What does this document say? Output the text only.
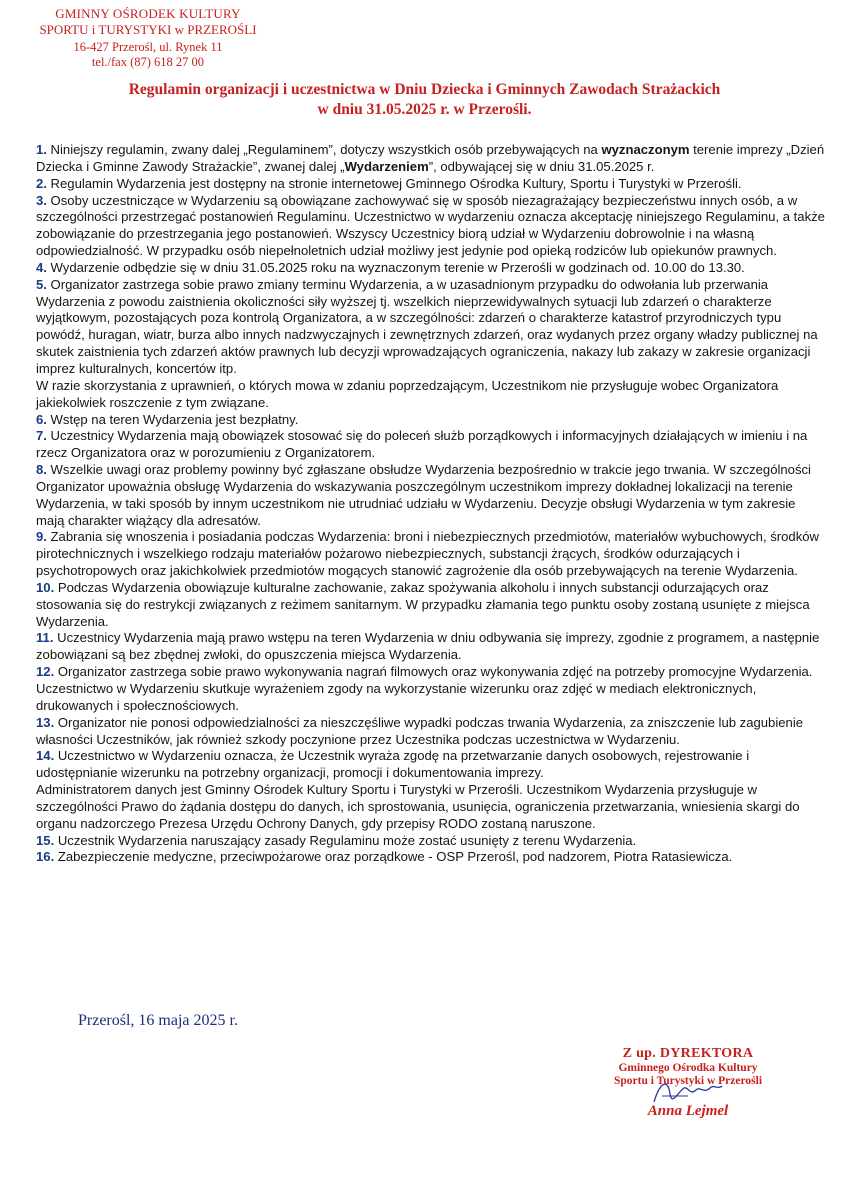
GMINNY OŚRODEK KULTURY
SPORTU i TURYSTYKI w PRZEROŚLI
16-427 Przerośl, ul. Rynek 11
tel./fax (87) 618 27 00
Regulamin organizacji i uczestnictwa w Dniu Dziecka i Gminnych Zawodach Strażackich
w dniu 31.05.2025 r. w Przerośli.

1. Niniejszy regulamin, zwany dalej „Regulaminem”, dotyczy wszystkich osób przebywających na wyznaczonym terenie imprezy „Dzień Dziecka i Gminne Zawody Strażackie”, zwanej dalej „Wydarzeniem”, odbywającej się w dniu 31.05.2025 r.

2. Regulamin Wydarzenia jest dostępny na stronie internetowej Gminnego Ośrodka Kultury, Sportu i Turystyki w Przerośli.

3. Osoby uczestniczące w Wydarzeniu są obowiązane zachowywać się w sposób niezagrażający bezpieczeństwu innych osób, a w szczególności przestrzegać postanowień Regulaminu. Uczestnictwo w wydarzeniu oznacza akceptację niniejszego Regulaminu, a także zobowiązanie do przestrzegania jego postanowień. Wszyscy Uczestnicy biorą udział w Wydarzeniu dobrowolnie i na własną odpowiedzialność. W przypadku osób niepełnoletnich udział możliwy jest jedynie pod opieką rodziców lub opiekunów prawnych.

4. Wydarzenie odbędzie się w dniu 31.05.2025 roku na wyznaczonym terenie w Przerośli w godzinach od. 10.00 do 13.30.

5. Organizator zastrzega sobie prawo zmiany terminu Wydarzenia, a w uzasadnionym przypadku do odwołania lub przerwania Wydarzenia z powodu zaistnienia okoliczności siły wyższej tj. wszelkich nieprzewidywalnych sytuacji lub zdarzeń o charakterze wyjątkowym, pozostających poza kontrolą Organizatora, a w szczególności: zdarzeń o charakterze katastrof przyrodniczych typu powódź, huragan, wiatr, burza albo innych nadzwyczajnych i zewnętrznych zdarzeń, oraz wydanych przez organy władzy publicznej na skutek zaistnienia tych zdarzeń aktów prawnych lub decyzji wprowadzających ograniczenia, nakazy lub zakazy w zakresie organizacji imprez kulturalnych, koncertów itp.

W razie skorzystania z uprawnień, o których mowa w zdaniu poprzedzającym, Uczestnikom nie przysługuje wobec Organizatora jakiekolwiek roszczenie z tym związane.

6. Wstęp na teren Wydarzenia jest bezpłatny.

7. Uczestnicy Wydarzenia mają obowiązek stosować się do poleceń służb porządkowych i informacyjnych działających w imieniu i na rzecz Organizatora oraz w porozumieniu z Organizatorem.

8. Wszelkie uwagi oraz problemy powinny być zgłaszane obsłudze Wydarzenia bezpośrednio w trakcie jego trwania. W szczególności Organizator upoważnia obsługę Wydarzenia do wskazywania poszczególnym uczestnikom imprezy dokładnej lokalizacji na terenie Wydarzenia, w taki sposób by innym uczestnikom nie utrudniać udziału w Wydarzeniu. Decyzje obsługi Wydarzenia w tym zakresie mają charakter wiążący dla adresatów.

9. Zabrania się wnoszenia i posiadania podczas Wydarzenia: broni i niebezpiecznych przedmiotów, materiałów wybuchowych, środków pirotechnicznych i wszelkiego rodzaju materiałów pożarowo niebezpiecznych, substancji żrących, środków odurzających i psychotropowych oraz jakichkolwiek przedmiotów mogących stanowić zagrożenie dla osób przebywających na terenie Wydarzenia.

10. Podczas Wydarzenia obowiązuje kulturalne zachowanie, zakaz spożywania alkoholu i innych substancji odurzających oraz stosowania się do restrykcji związanych z reżimem sanitarnym. W przypadku złamania tego punktu osoby zostaną usunięte z miejsca Wydarzenia.

11. Uczestnicy Wydarzenia mają prawo wstępu na teren Wydarzenia w dniu odbywania się imprezy, zgodnie z programem, a następnie zobowiązani są bez zbędnej zwłoki, do opuszczenia miejsca Wydarzenia.

12. Organizator zastrzega sobie prawo wykonywania nagrań filmowych oraz wykonywania zdjęć na potrzeby promocyjne Wydarzenia. Uczestnictwo w Wydarzeniu skutkuje wyrażeniem zgody na wykorzystanie wizerunku oraz zdjęć w mediach elektronicznych, drukowanych i społecznościowych.

13. Organizator nie ponosi odpowiedzialności za nieszczęśliwe wypadki podczas trwania Wydarzenia, za zniszczenie lub zagubienie własności Uczestników, jak również szkody poczynione przez Uczestnika podczas uczestnictwa w Wydarzeniu.

14. Uczestnictwo w Wydarzeniu oznacza, że Uczestnik wyraża zgodę na przetwarzanie danych osobowych, rejestrowanie i udostępnianie wizerunku na potrzebny organizacji, promocji i dokumentowania imprezy.

Administratorem danych jest Gminny Ośrodek Kultury Sportu i Turystyki w Przerośli. Uczestnikom Wydarzenia przysługuje w szczególności Prawo do żądania dostępu do danych, ich sprostowania, usunięcia, ograniczenia przetwarzania, wniesienia skargi do organu nadzorczego Prezesa Urzędu Ochrony Danych, gdy przepisy RODO zostaną naruszone.

15. Uczestnik Wydarzenia naruszający zasady Regulaminu może zostać usunięty z terenu Wydarzenia.

16. Zabezpieczenie medyczne, przeciwpożarowe oraz porządkowe - OSP Przerośl, pod nadzorem, Piotra Ratasiewicza.

Przerośl, 16 maja 2025 r.
Z up. DYREKTORA
Gminnego Ośrodka Kultury
Sportu i Turystyki w Przerośli
Anna Lejmel
